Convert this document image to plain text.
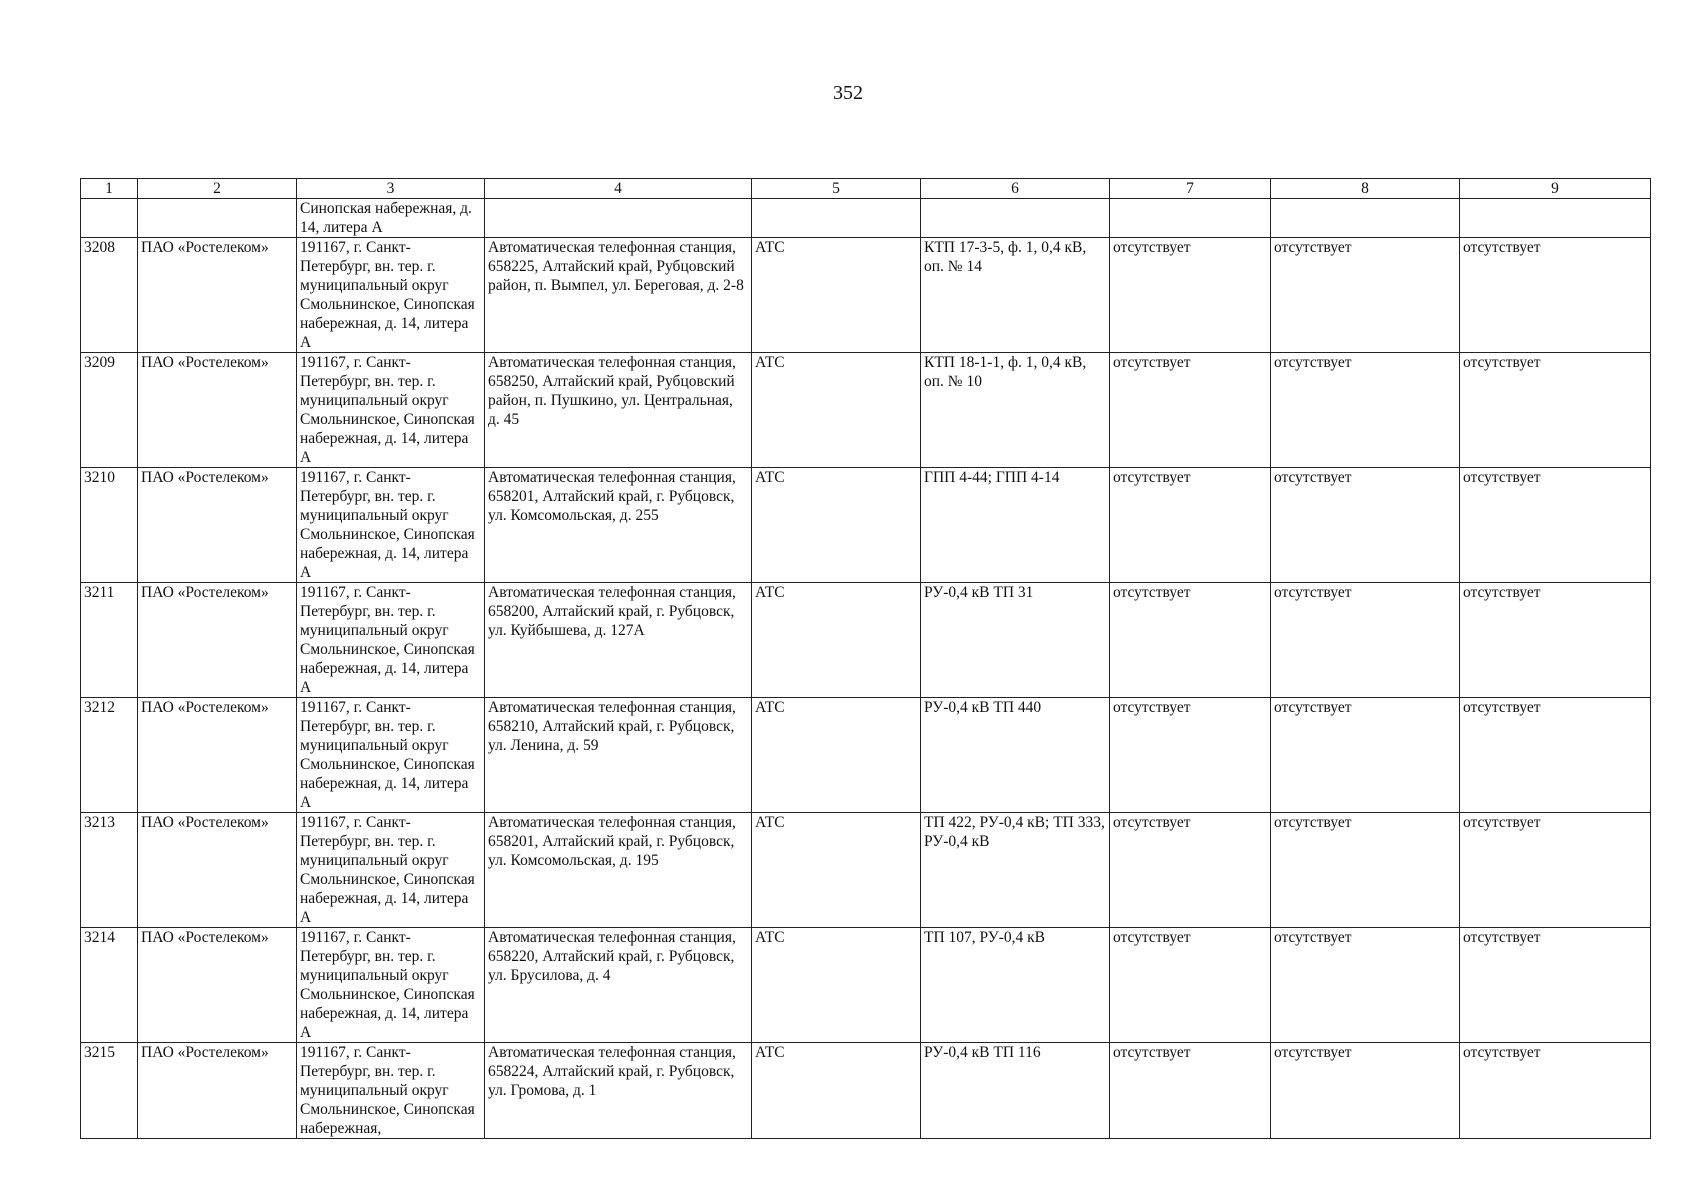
352
1	2	3	4	5	6	7	8	9
		Синопская набережная, д. 14, литера А						
3208	ПАО «Ростелеком»	191167, г. Санкт-Петербург, вн. тер. г. муниципальный округ Смольнинское, Синопская набережная, д. 14, литера А	Автоматическая телефонная станция, 658225, Алтайский край, Рубцовский район, п. Вымпел, ул. Береговая, д. 2-8	АТС	КТП 17-3-5, ф. 1, 0,4 кВ, оп. № 14	отсутствует	отсутствует	отсутствует
3209	ПАО «Ростелеком»	191167, г. Санкт-Петербург, вн. тер. г. муниципальный округ Смольнинское, Синопская набережная, д. 14, литера А	Автоматическая телефонная станция, 658250, Алтайский край, Рубцовский район, п. Пушкино, ул. Центральная, д. 45	АТС	КТП 18-1-1, ф. 1, 0,4 кВ, оп. № 10	отсутствует	отсутствует	отсутствует
3210	ПАО «Ростелеком»	191167, г. Санкт-Петербург, вн. тер. г. муниципальный округ Смольнинское, Синопская набережная, д. 14, литера А	Автоматическая телефонная станция, 658201, Алтайский край, г. Рубцовск, ул. Комсомольская, д. 255	АТС	ГПП 4-44; ГПП 4-14	отсутствует	отсутствует	отсутствует
3211	ПАО «Ростелеком»	191167, г. Санкт-Петербург, вн. тер. г. муниципальный округ Смольнинское, Синопская набережная, д. 14, литера А	Автоматическая телефонная станция, 658200, Алтайский край, г. Рубцовск, ул. Куйбышева, д. 127А	АТС	РУ-0,4 кВ ТП 31	отсутствует	отсутствует	отсутствует
3212	ПАО «Ростелеком»	191167, г. Санкт-Петербург, вн. тер. г. муниципальный округ Смольнинское, Синопская набережная, д. 14, литера А	Автоматическая телефонная станция, 658210, Алтайский край, г. Рубцовск, ул. Ленина, д. 59	АТС	РУ-0,4 кВ ТП 440	отсутствует	отсутствует	отсутствует
3213	ПАО «Ростелеком»	191167, г. Санкт-Петербург, вн. тер. г. муниципальный округ Смольнинское, Синопская набережная, д. 14, литера А	Автоматическая телефонная станция, 658201, Алтайский край, г. Рубцовск, ул. Комсомольская, д. 195	АТС	ТП 422, РУ-0,4 кВ; ТП 333, РУ-0,4 кВ	отсутствует	отсутствует	отсутствует
3214	ПАО «Ростелеком»	191167, г. Санкт-Петербург, вн. тер. г. муниципальный округ Смольнинское, Синопская набережная, д. 14, литера А	Автоматическая телефонная станция, 658220, Алтайский край, г. Рубцовск, ул. Брусилова, д. 4	АТС	ТП 107, РУ-0,4 кВ	отсутствует	отсутствует	отсутствует
3215	ПАО «Ростелеком»	191167, г. Санкт-Петербург, вн. тер. г. муниципальный округ Смольнинское, Синопская набережная,	Автоматическая телефонная станция, 658224, Алтайский край, г. Рубцовск, ул. Громова, д. 1	АТС	РУ-0,4 кВ ТП 116	отсутствует	отсутствует	отсутствует
